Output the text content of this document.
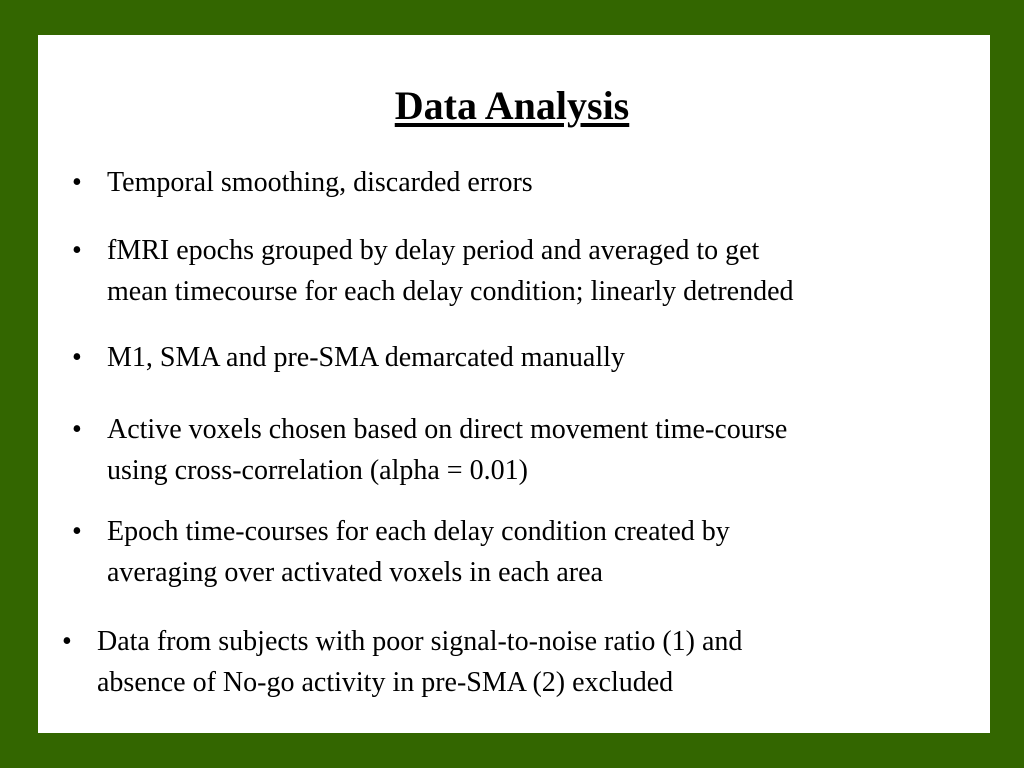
Data Analysis
• Temporal smoothing, discarded errors
• fMRI epochs grouped by delay period and averaged to get
mean timecourse for each delay condition; linearly detrended
• M1, SMA and pre-SMA demarcated manually
• Active voxels chosen based on direct movement time-course
using cross-correlation (alpha = 0.01)
• Epoch time-courses for each delay condition created by
averaging over activated voxels in each area
• Data from subjects with poor signal-to-noise ratio (1) and
absence of No-go activity in pre-SMA (2) excluded
